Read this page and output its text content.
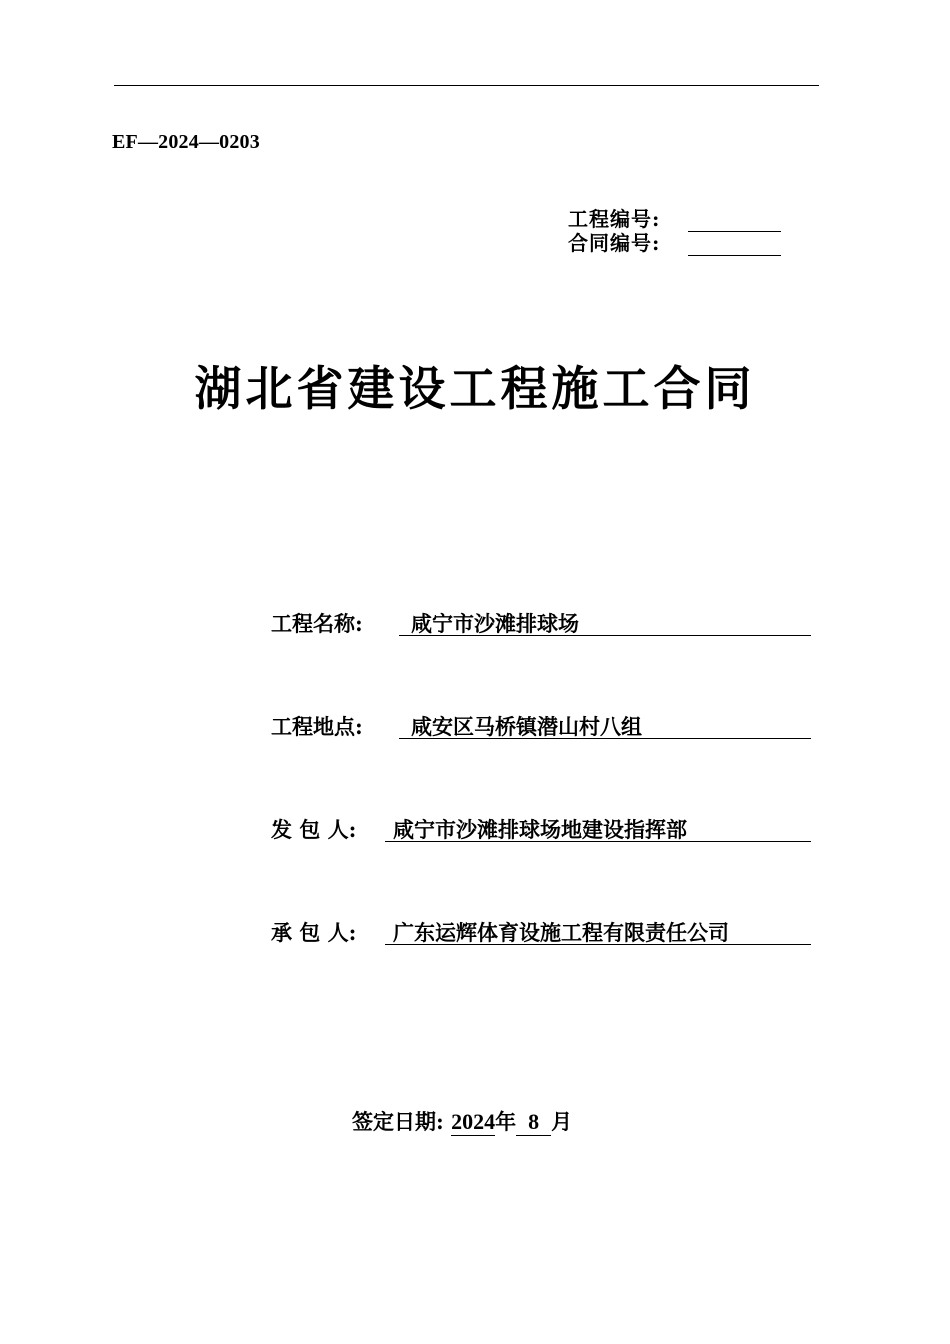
EF—2024—0203
工程编号:
合同编号:
湖北省建设工程施工合同
工程名称:	咸宁市沙滩排球场
工程地点:	咸安区马桥镇潜山村八组
发 包 人:	咸宁市沙滩排球场地建设指挥部
承 包 人:	广东运辉体育设施工程有限责任公司
签定日期: 2024年 8 月
